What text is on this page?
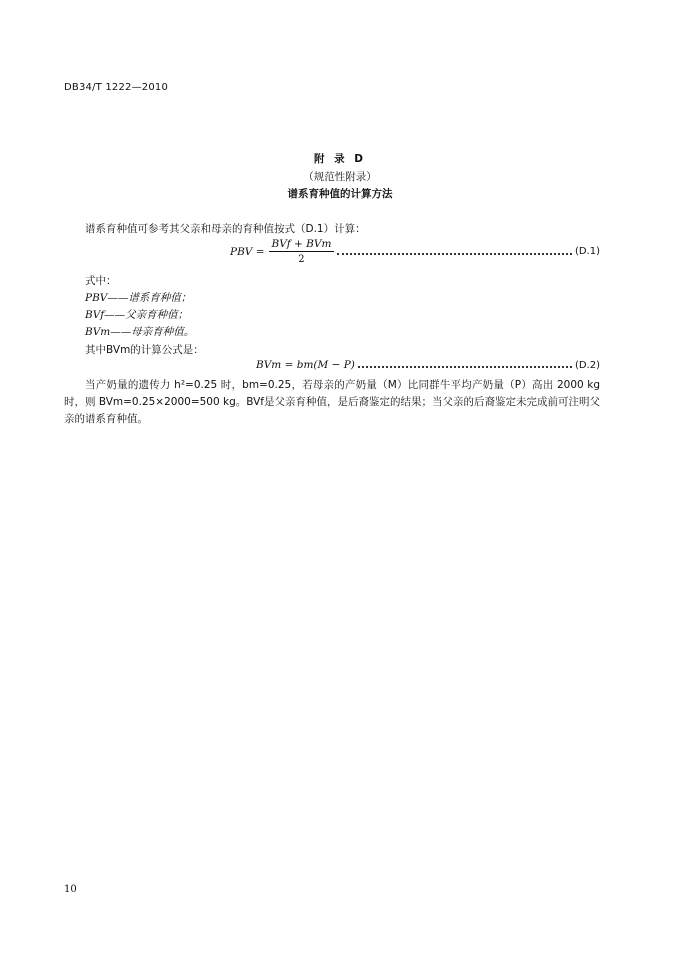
DB34/T 1222—2010
附 录 D
（规范性附录）
谱系育种值的计算方法
谱系育种值可参考其父亲和母亲的育种值按式（D.1）计算：
PBV = $\frac{\text{BVf + BVm}}{2}$	(D.1)
式中：
PBV——谱系育种值；
BVf——父亲育种值；
BVm——母亲育种值。
其中BVm的计算公式是：
BVm = bm(M − P)	(D.2)
当产奶量的遗传力 h²=0.25 时，bm=0.25，若母亲的产奶量（M）比同群牛平均产奶量（P）高出 2000 kg 时，则 BVm=0.25×2000=500 kg。BVf是父亲育种值，是后裔鉴定的结果；当父亲的后裔鉴定未完成前可注明父亲的谱系育种值。
10
